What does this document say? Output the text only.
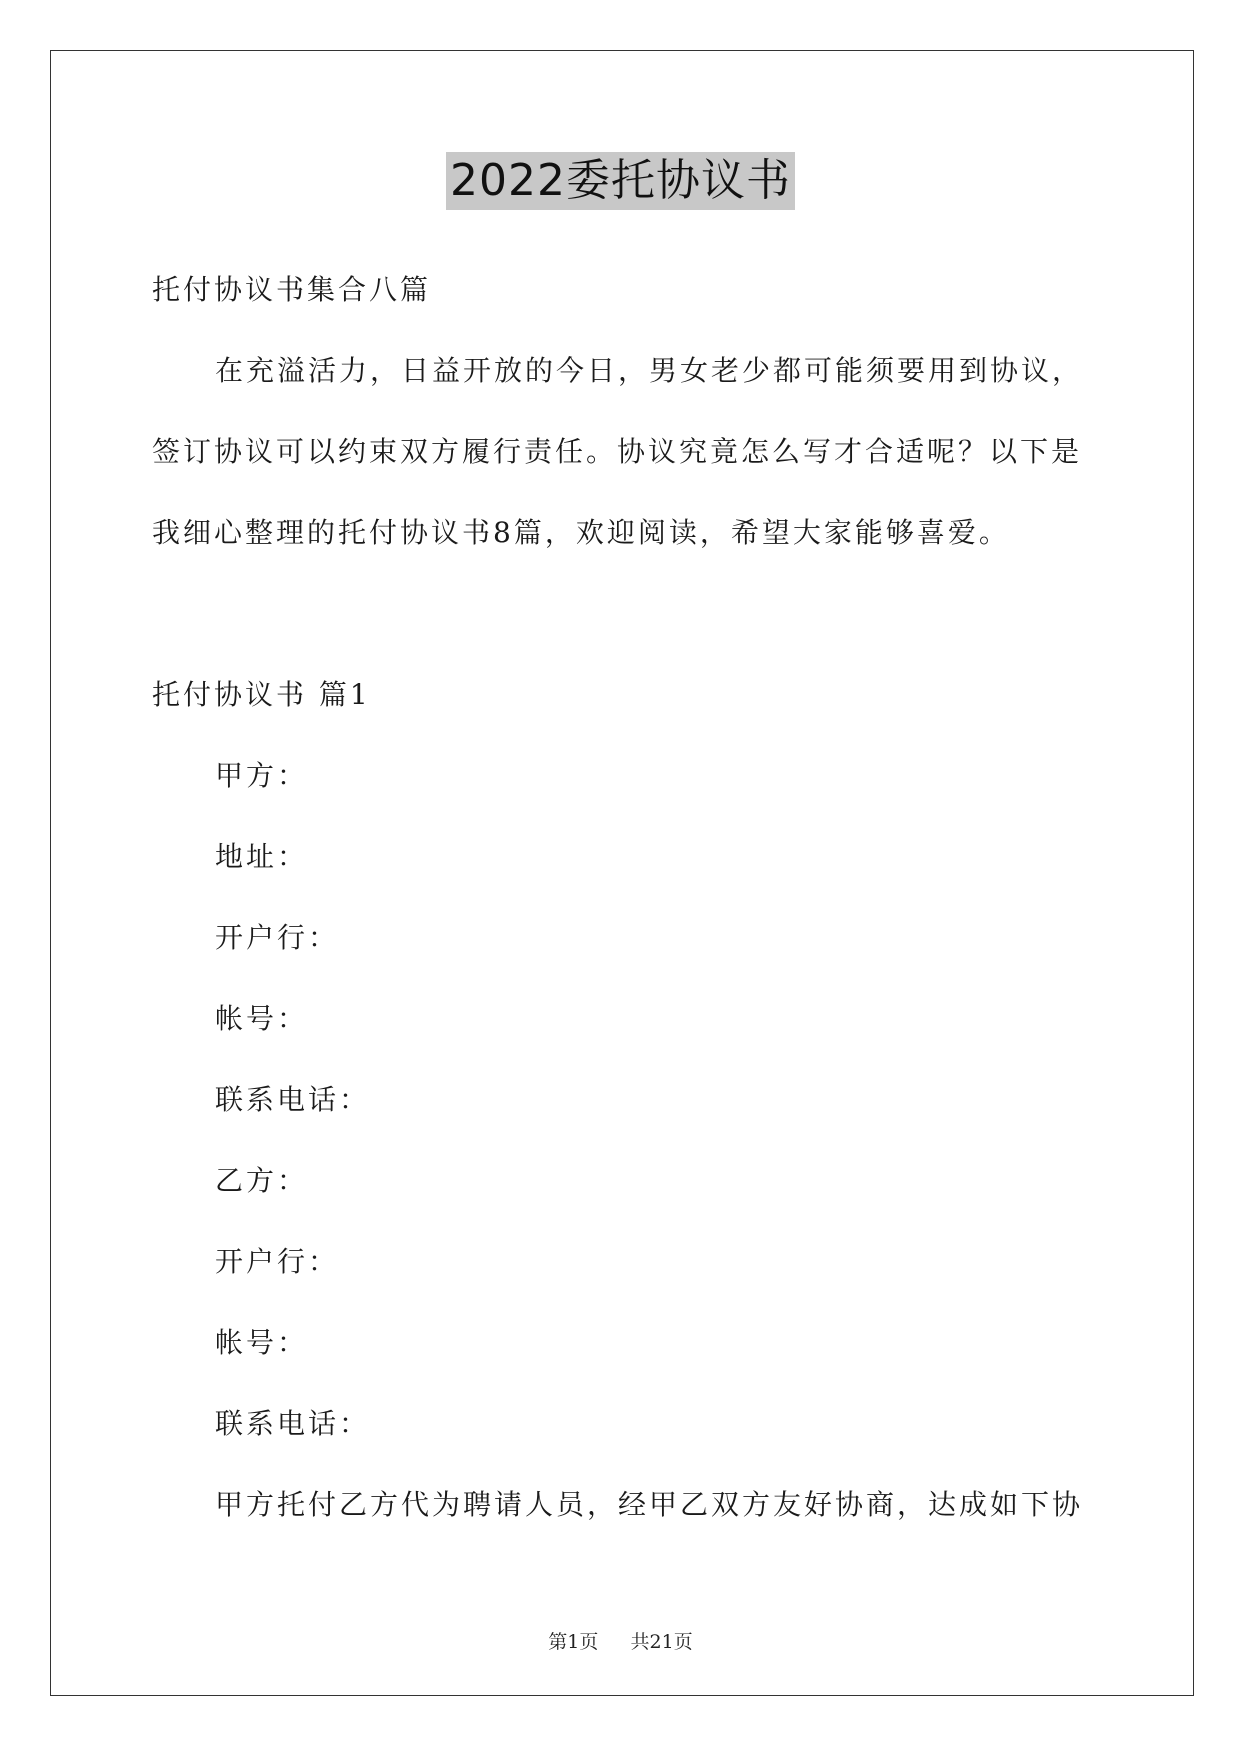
2022委托协议书
托付协议书集合八篇
在充溢活力，日益开放的今日，男女老少都可能须要用到协议，
签订协议可以约束双方履行责任。协议究竟怎么写才合适呢？以下是
我细心整理的托付协议书8篇，欢迎阅读，希望大家能够喜爱。
托付协议书 篇1
甲方：
地址：
开户行：
帐号：
联系电话：
乙方：
开户行：
帐号：
联系电话：
甲方托付乙方代为聘请人员，经甲乙双方友好协商，达成如下协
第1页 共21页
